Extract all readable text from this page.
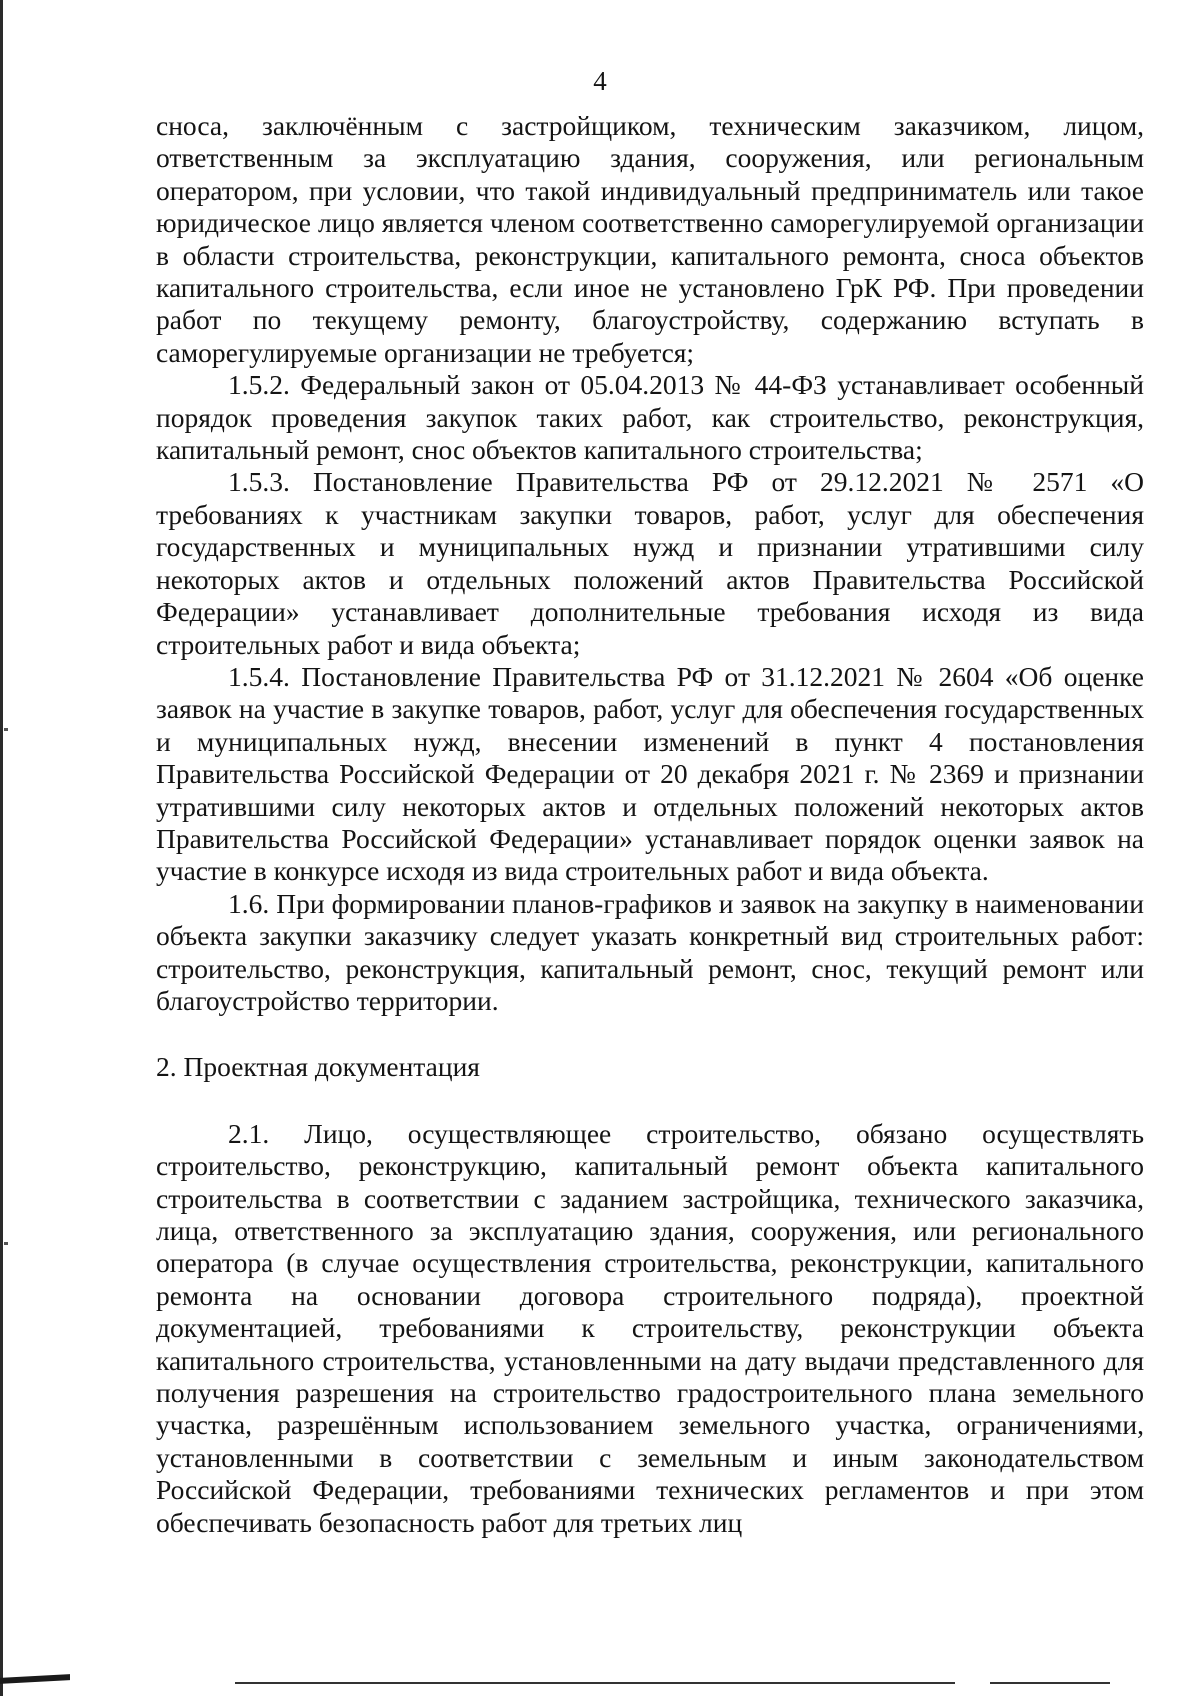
4

сноса, заключённым с застройщиком, техническим заказчиком, лицом, ответственным за эксплуатацию здания, сооружения, или региональным оператором, при условии, что такой индивидуальный предприниматель или такое юридическое лицо является членом соответственно саморегулируемой организации в области строительства, реконструкции, капитального ремонта, сноса объектов капитального строительства, если иное не установлено ГрК РФ. При проведении работ по текущему ремонту, благоустройству, содержанию вступать в саморегулируемые организации не требуется;

1.5.2. Федеральный закон от 05.04.2013 № 44-ФЗ устанавливает особенный порядок проведения закупок таких работ, как строительство, реконструкция, капитальный ремонт, снос объектов капитального строительства;

1.5.3. Постановление Правительства РФ от 29.12.2021 № 2571 «О требованиях к участникам закупки товаров, работ, услуг для обеспечения государственных и муниципальных нужд и признании утратившими силу некоторых актов и отдельных положений актов Правительства Российской Федерации» устанавливает дополнительные требования исходя из вида строительных работ и вида объекта;

1.5.4. Постановление Правительства РФ от 31.12.2021 № 2604 «Об оценке заявок на участие в закупке товаров, работ, услуг для обеспечения государственных и муниципальных нужд, внесении изменений в пункт 4 постановления Правительства Российской Федерации от 20 декабря 2021 г. № 2369 и признании утратившими силу некоторых актов и отдельных положений некоторых актов Правительства Российской Федерации» устанавливает порядок оценки заявок на участие в конкурсе исходя из вида строительных работ и вида объекта.

1.6. При формировании планов-графиков и заявок на закупку в наименовании объекта закупки заказчику следует указать конкретный вид строительных работ: строительство, реконструкция, капитальный ремонт, снос, текущий ремонт или благоустройство территории.

2. Проектная документация

2.1. Лицо, осуществляющее строительство, обязано осуществлять строительство, реконструкцию, капитальный ремонт объекта капитального строительства в соответствии с заданием застройщика, технического заказчика, лица, ответственного за эксплуатацию здания, сооружения, или регионального оператора (в случае осуществления строительства, реконструкции, капитального ремонта на основании договора строительного подряда), проектной документацией, требованиями к строительству, реконструкции объекта капитального строительства, установленными на дату выдачи представленного для получения разрешения на строительство градостроительного плана земельного участка, разрешённым использованием земельного участка, ограничениями, установленными в соответствии с земельным и иным законодательством Российской Федерации, требованиями технических регламентов и при этом обеспечивать безопасность работ для третьих лиц
